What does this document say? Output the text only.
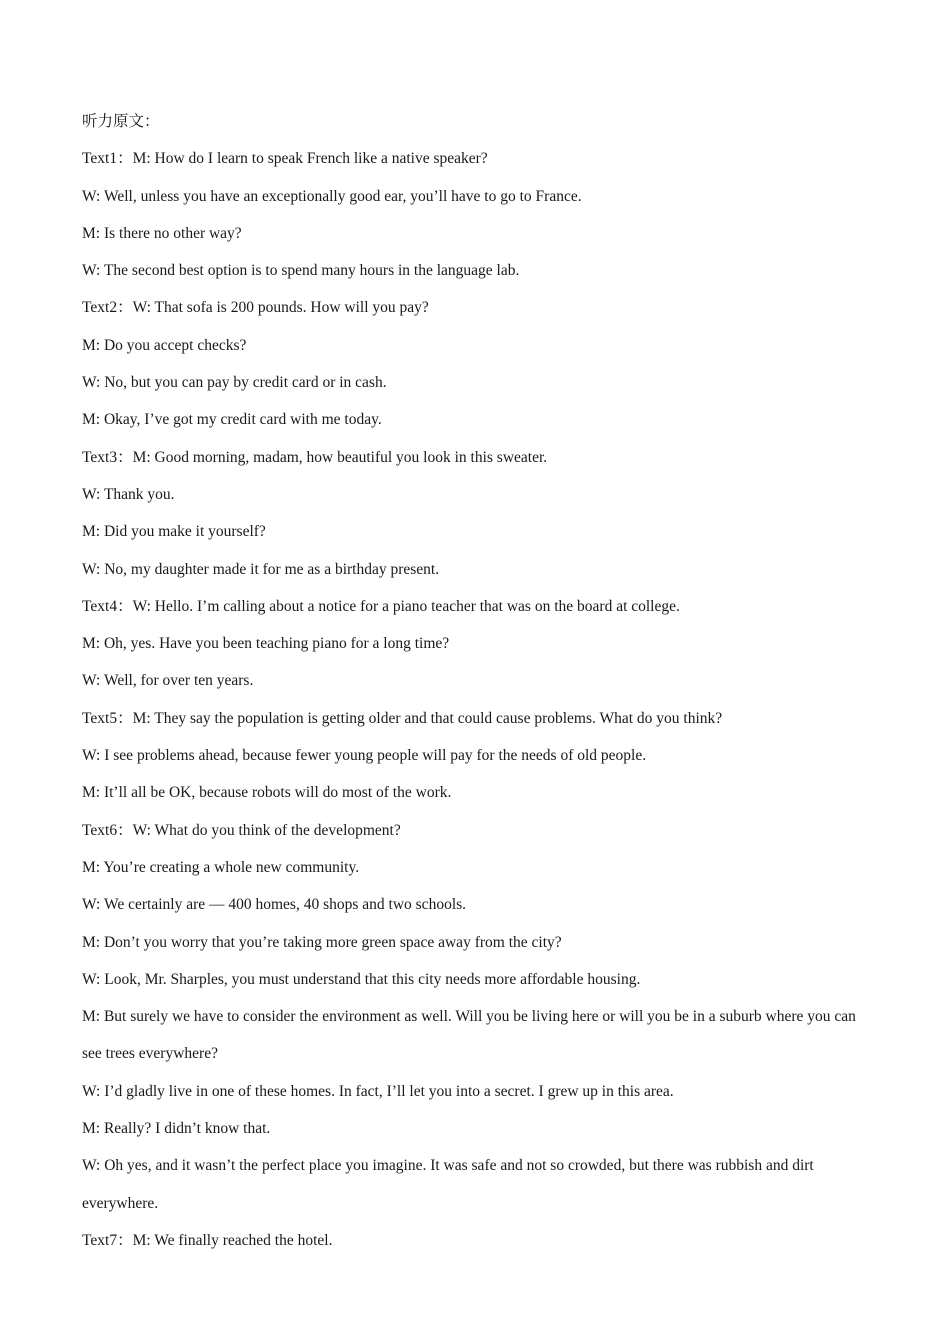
听力原文：

Text1：M: How do I learn to speak French like a native speaker?

W: Well, unless you have an exceptionally good ear, you’ll have to go to France.

M: Is there no other way?

W: The second best option is to spend many hours in the language lab.

Text2：W: That sofa is 200 pounds. How will you pay?

M: Do you accept checks?

W: No, but you can pay by credit card or in cash.

M: Okay, I’ve got my credit card with me today.

Text3：M: Good morning, madam, how beautiful you look in this sweater.

W: Thank you.

M: Did you make it yourself?

W: No, my daughter made it for me as a birthday present.

Text4：W: Hello. I’m calling about a notice for a piano teacher that was on the board at college.

M: Oh, yes. Have you been teaching piano for a long time?

W: Well, for over ten years.

Text5：M: They say the population is getting older and that could cause problems. What do you think?

W: I see problems ahead, because fewer young people will pay for the needs of old people.

M: It’ll all be OK, because robots will do most of the work.

Text6：W: What do you think of the development?

M: You’re creating a whole new community.

W: We certainly are — 400 homes, 40 shops and two schools.

M: Don’t you worry that you’re taking more green space away from the city?

W: Look, Mr. Sharples, you must understand that this city needs more affordable housing.

M: But surely we have to consider the environment as well. Will you be living here or will you be in a suburb where you can see trees everywhere?

W: I’d gladly live in one of these homes. In fact, I’ll let you into a secret. I grew up in this area.

M: Really? I didn’t know that.

W: Oh yes, and it wasn’t the perfect place you imagine. It was safe and not so crowded, but there was rubbish and dirt everywhere.

Text7：M: We finally reached the hotel.
